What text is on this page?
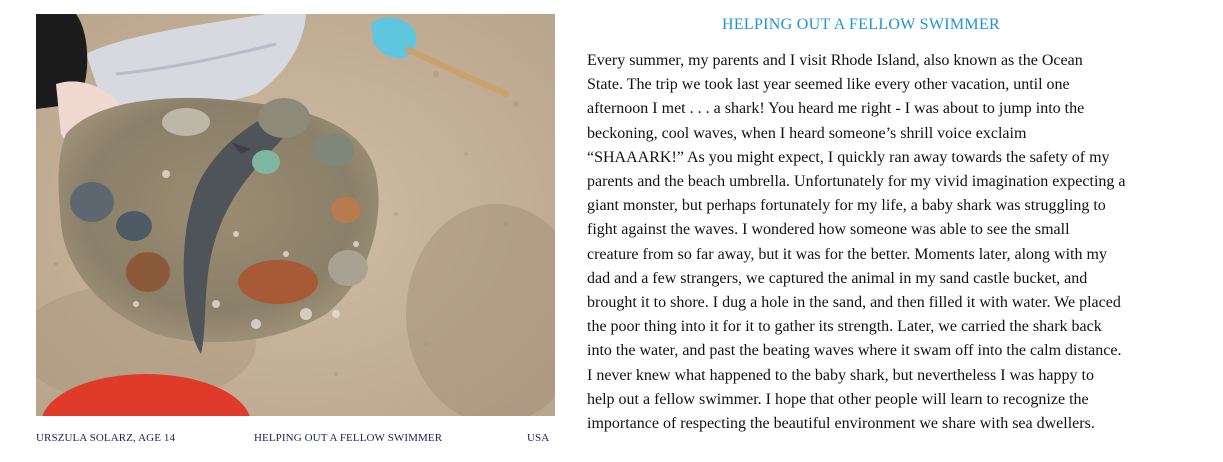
URSZULA SOLARZ, AGE 14	HELPING OUT A FELLOW SWIMMER	USA
HELPING OUT A FELLOW SWIMMER
Every summer, my parents and I visit Rhode Island, also known as the Ocean
State. The trip we took last year seemed like every other vacation, until one
afternoon I met . . . a shark! You heard me right - I was about to jump into the
beckoning, cool waves, when I heard someone’s shrill voice exclaim
“SHAAARK!” As you might expect, I quickly ran away towards the safety of my
parents and the beach umbrella. Unfortunately for my vivid imagination expecting a
giant monster, but perhaps fortunately for my life, a baby shark was struggling to
fight against the waves. I wondered how someone was able to see the small
creature from so far away, but it was for the better. Moments later, along with my
dad and a few strangers, we captured the animal in my sand castle bucket, and
brought it to shore. I dug a hole in the sand, and then filled it with water. We placed
the poor thing into it for it to gather its strength. Later, we carried the shark back
into the water, and past the beating waves where it swam off into the calm distance.
I never knew what happened to the baby shark, but nevertheless I was happy to
help out a fellow swimmer. I hope that other people will learn to recognize the
importance of respecting the beautiful environment we share with sea dwellers.
